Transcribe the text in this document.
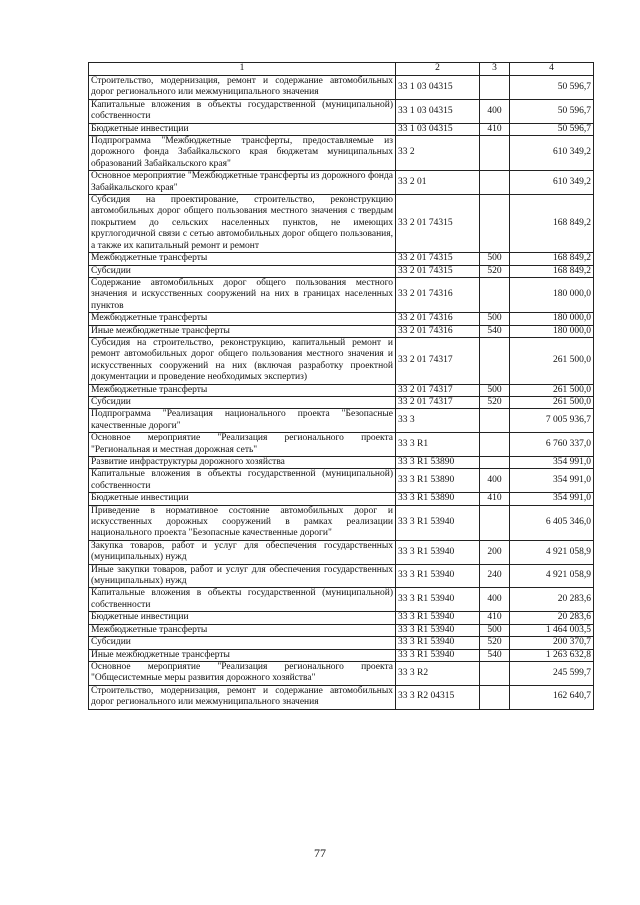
1	2	3	4
Строительство, модернизация, ремонт и содержание автомобильных дорог регионального или межмуниципального значения	33 1 03 04315		50 596,7
Капитальные вложения в объекты государственной (муниципальной) собственности	33 1 03 04315	400	50 596,7
Бюджетные инвестиции	33 1 03 04315	410	50 596,7
Подпрограмма "Межбюджетные трансферты, предоставляемые из дорожного фонда Забайкальского края бюджетам муниципальных образований Забайкальского края"	33 2		610 349,2
Основное мероприятие "Межбюджетные трансферты из дорожного фонда Забайкальского края"	33 2 01		610 349,2
Субсидия на проектирование, строительство, реконструкцию автомобильных дорог общего пользования местного значения с твердым покрытием до сельских населенных пунктов, не имеющих круглогодичной связи с сетью автомобильных дорог общего пользования, а также их капитальный ремонт и ремонт	33 2 01 74315		168 849,2
Межбюджетные трансферты	33 2 01 74315	500	168 849,2
Субсидии	33 2 01 74315	520	168 849,2
Содержание автомобильных дорог общего пользования местного значения и искусственных сооружений на них в границах населенных пунктов	33 2 01 74316		180 000,0
Межбюджетные трансферты	33 2 01 74316	500	180 000,0
Иные межбюджетные трансферты	33 2 01 74316	540	180 000,0
Субсидия на строительство, реконструкцию, капитальный ремонт и ремонт автомобильных дорог общего пользования местного значения и искусственных сооружений на них (включая разработку проектной документации и проведение необходимых экспертиз)	33 2 01 74317		261 500,0
Межбюджетные трансферты	33 2 01 74317	500	261 500,0
Субсидии	33 2 01 74317	520	261 500,0
Подпрограмма "Реализация национального проекта "Безопасные качественные дороги"	33 3		7 005 936,7
Основное мероприятие "Реализация регионального проекта "Региональная и местная дорожная сеть"	33 3 R1		6 760 337,0
Развитие инфраструктуры дорожного хозяйства	33 3 R1 53890		354 991,0
Капитальные вложения в объекты государственной (муниципальной) собственности	33 3 R1 53890	400	354 991,0
Бюджетные инвестиции	33 3 R1 53890	410	354 991,0
Приведение в нормативное состояние автомобильных дорог и искусственных дорожных сооружений в рамках реализации национального проекта "Безопасные качественные дороги"	33 3 R1 53940		6 405 346,0
Закупка товаров, работ и услуг для обеспечения государственных (муниципальных) нужд	33 3 R1 53940	200	4 921 058,9
Иные закупки товаров, работ и услуг для обеспечения государственных (муниципальных) нужд	33 3 R1 53940	240	4 921 058,9
Капитальные вложения в объекты государственной (муниципальной) собственности	33 3 R1 53940	400	20 283,6
Бюджетные инвестиции	33 3 R1 53940	410	20 283,6
Межбюджетные трансферты	33 3 R1 53940	500	1 464 003,5
Субсидии	33 3 R1 53940	520	200 370,7
Иные межбюджетные трансферты	33 3 R1 53940	540	1 263 632,8
Основное мероприятие "Реализация регионального проекта "Общесистемные меры развития дорожного хозяйства"	33 3 R2		245 599,7
Строительство, модернизация, ремонт и содержание автомобильных дорог регионального или межмуниципального значения	33 3 R2 04315		162 640,7
77
